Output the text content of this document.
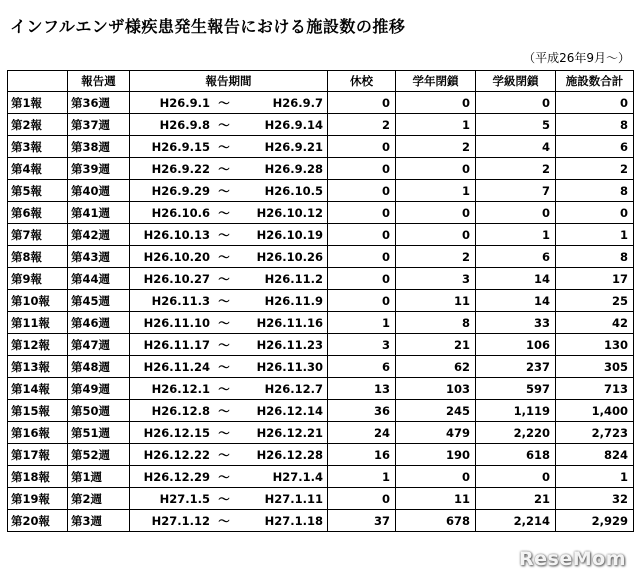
インフルエンザ様疾患発生報告における施設数の推移
（平成26年9月～）
	報告週	報告期間	休校	学年閉鎖	学級閉鎖	施設数合計
第1報	第36週	H26.9.1 ～ H26.9.7	0	0	0	0
第2報	第37週	H26.9.8 ～ H26.9.14	2	1	5	8
第3報	第38週	H26.9.15 ～ H26.9.21	0	2	4	6
第4報	第39週	H26.9.22 ～ H26.9.28	0	0	2	2
第5報	第40週	H26.9.29 ～ H26.10.5	0	1	7	8
第6報	第41週	H26.10.6 ～ H26.10.12	0	0	0	0
第7報	第42週	H26.10.13 ～ H26.10.19	0	0	1	1
第8報	第43週	H26.10.20 ～ H26.10.26	0	2	6	8
第9報	第44週	H26.10.27 ～ H26.11.2	0	3	14	17
第10報	第45週	H26.11.3 ～ H26.11.9	0	11	14	25
第11報	第46週	H26.11.10 ～ H26.11.16	1	8	33	42
第12報	第47週	H26.11.17 ～ H26.11.23	3	21	106	130
第13報	第48週	H26.11.24 ～ H26.11.30	6	62	237	305
第14報	第49週	H26.12.1 ～ H26.12.7	13	103	597	713
第15報	第50週	H26.12.8 ～ H26.12.14	36	245	1,119	1,400
第16報	第51週	H26.12.15 ～ H26.12.21	24	479	2,220	2,723
第17報	第52週	H26.12.22 ～ H26.12.28	16	190	618	824
第18報	第1週	H26.12.29 ～ H27.1.4	1	0	0	1
第19報	第2週	H27.1.5 ～ H27.1.11	0	11	21	32
第20報	第3週	H27.1.12 ～ H27.1.18	37	678	2,214	2,929
ReseMom
